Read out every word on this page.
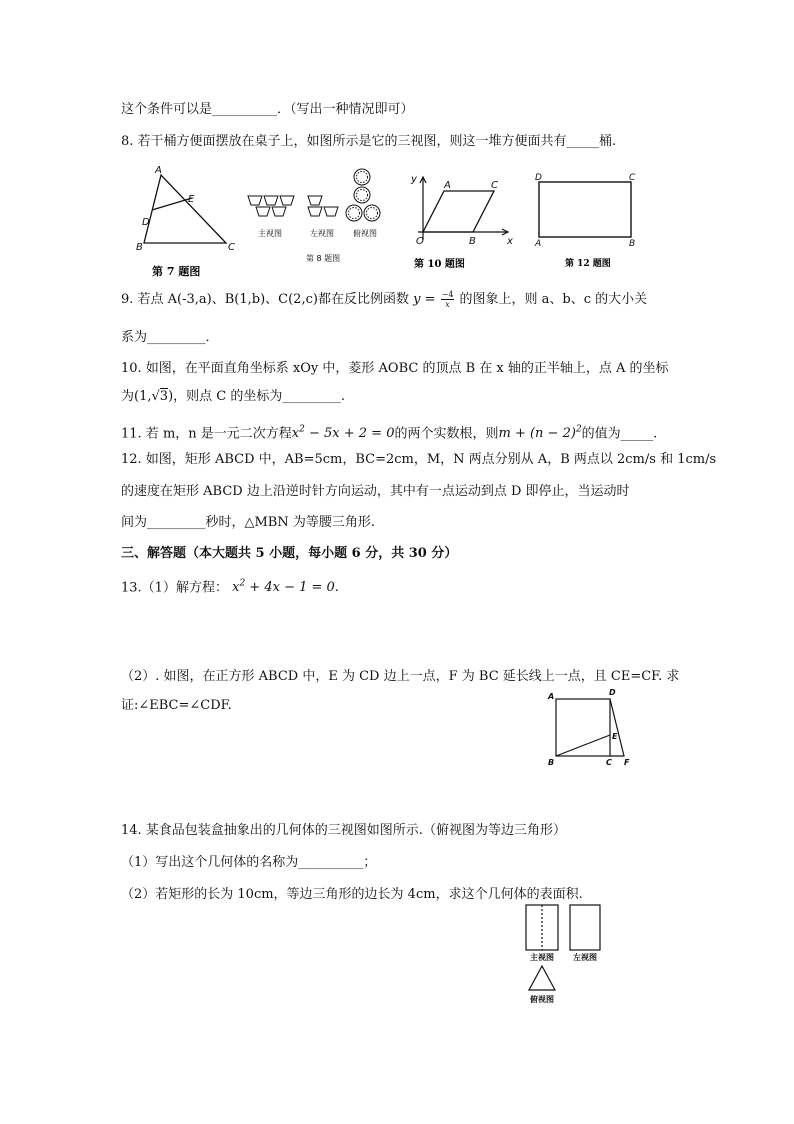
这个条件可以是__________．（写出一种情况即可）
8. 若干桶方便面摆放在桌子上，如图所示是它的三视图，则这一堆方便面共有_____桶.
A
E
D
B	C
第 7 题图
主视图	左视图 俯视图
第 8 题图
y
A	C
O	B	x
第 10 题图
D	C
A	B
第 12 题图
9. 若点 A(-3,a)、B(1,b)、C(2,c)都在反比例函数 $y = \frac{-4}{x}$ 的图象上，则 a、b、c 的大小关
系为_________．
10. 如图，在平面直角坐标系 xOy 中，菱形 AOBC 的顶点 B 在 x 轴的正半轴上，点 A 的坐标
为(1,√3)，则点 C 的坐标为_________.
11. 若 m，n 是一元二次方程$x^2 - 5x + 2 = 0$的两个实数根，则$m + (n - 2)^2$的值为_____.
12. 如图，矩形 ABCD 中，AB=5cm，BC=2cm，M，N 两点分别从 A，B 两点以 2cm/s 和 1cm/s
的速度在矩形 ABCD 边上沿逆时针方向运动，其中有一点运动到点 D 即停止，当运动时
间为_________秒时，△MBN 为等腰三角形.
三、解答题（本大题共 5 小题，每小题 6 分，共 30 分）
13.（1）解方程： $x^2 + 4x - 1 = 0$.
（2）. 如图，在正方形 ABCD 中，E 为 CD 边上一点，F 为 BC 延长线上一点，且 CE=CF. 求
证:∠EBC=∠CDF.
A	D
E
B	C F
14. 某食品包装盒抽象出的几何体的三视图如图所示.（俯视图为等边三角形）
（1）写出这个几何体的名称为__________；
（2）若矩形的长为 10cm，等边三角形的边长为 4cm，求这个几何体的表面积.
主视图 左视图
俯视图
